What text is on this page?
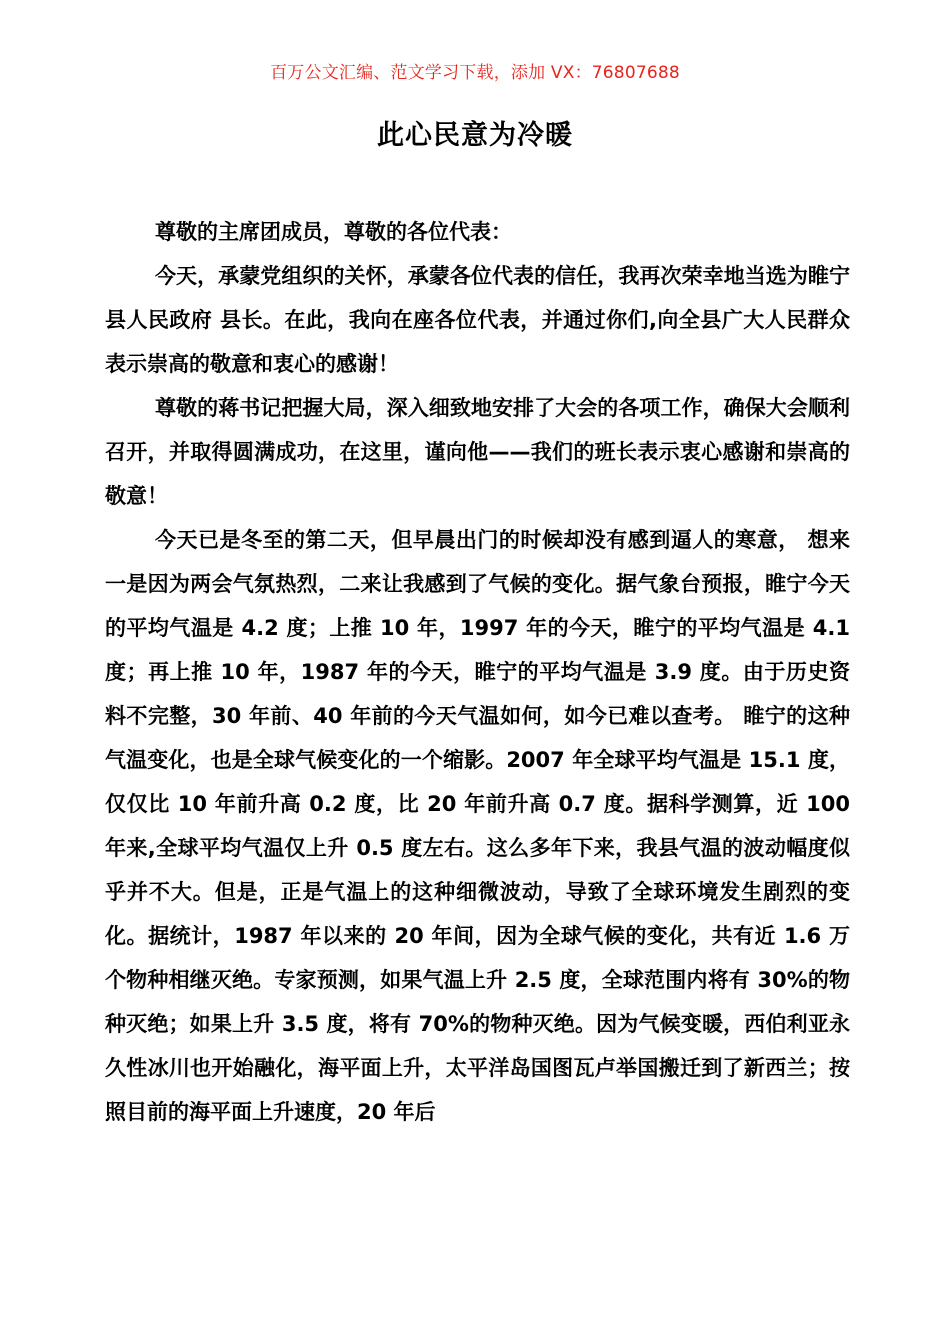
百万公文汇编、范文学习下载，添加 VX：76807688
此心民意为冷暖

尊敬的主席团成员，尊敬的各位代表：

今天，承蒙党组织的关怀，承蒙各位代表的信任，我再次荣幸地当选为睢宁县人民政府 县长。在此，我向在座各位代表，并通过你们,向全县广大人民群众表示崇高的敬意和衷心的感谢！

尊敬的蒋书记把握大局，深入细致地安排了大会的各项工作，确保大会顺利召开，并取得圆满成功，在这里，谨向他——我们的班长表示衷心感谢和崇高的敬意！

今天已是冬至的第二天，但早晨出门的时候却没有感到逼人的寒意， 想来一是因为两会气氛热烈，二来让我感到了气候的变化。据气象台预报，睢宁今天的平均气温是 4.2 度；上推 10 年，1997 年的今天，睢宁的平均气温是 4.1 度；再上推 10 年，1987 年的今天，睢宁的平均气温是 3.9 度。由于历史资料不完整，30 年前、40 年前的今天气温如何，如今已难以查考。 睢宁的这种气温变化，也是全球气候变化的一个缩影。2007 年全球平均气温是 15.1 度，仅仅比 10 年前升高 0.2 度，比 20 年前升高 0.7 度。据科学测算，近 100 年来,全球平均气温仅上升 0.5 度左右。这么多年下来，我县气温的波动幅度似乎并不大。但是，正是气温上的这种细微波动，导致了全球环境发生剧烈的变化。据统计，1987 年以来的 20 年间，因为全球气候的变化，共有近 1.6 万个物种相继灭绝。专家预测，如果气温上升 2.5 度，全球范围内将有 30%的物种灭绝；如果上升 3.5 度，将有 70%的物种灭绝。因为气候变暖，西伯利亚永久性冰川也开始融化，海平面上升，太平洋岛国图瓦卢举国搬迁到了新西兰；按照目前的海平面上升速度，20 年后
